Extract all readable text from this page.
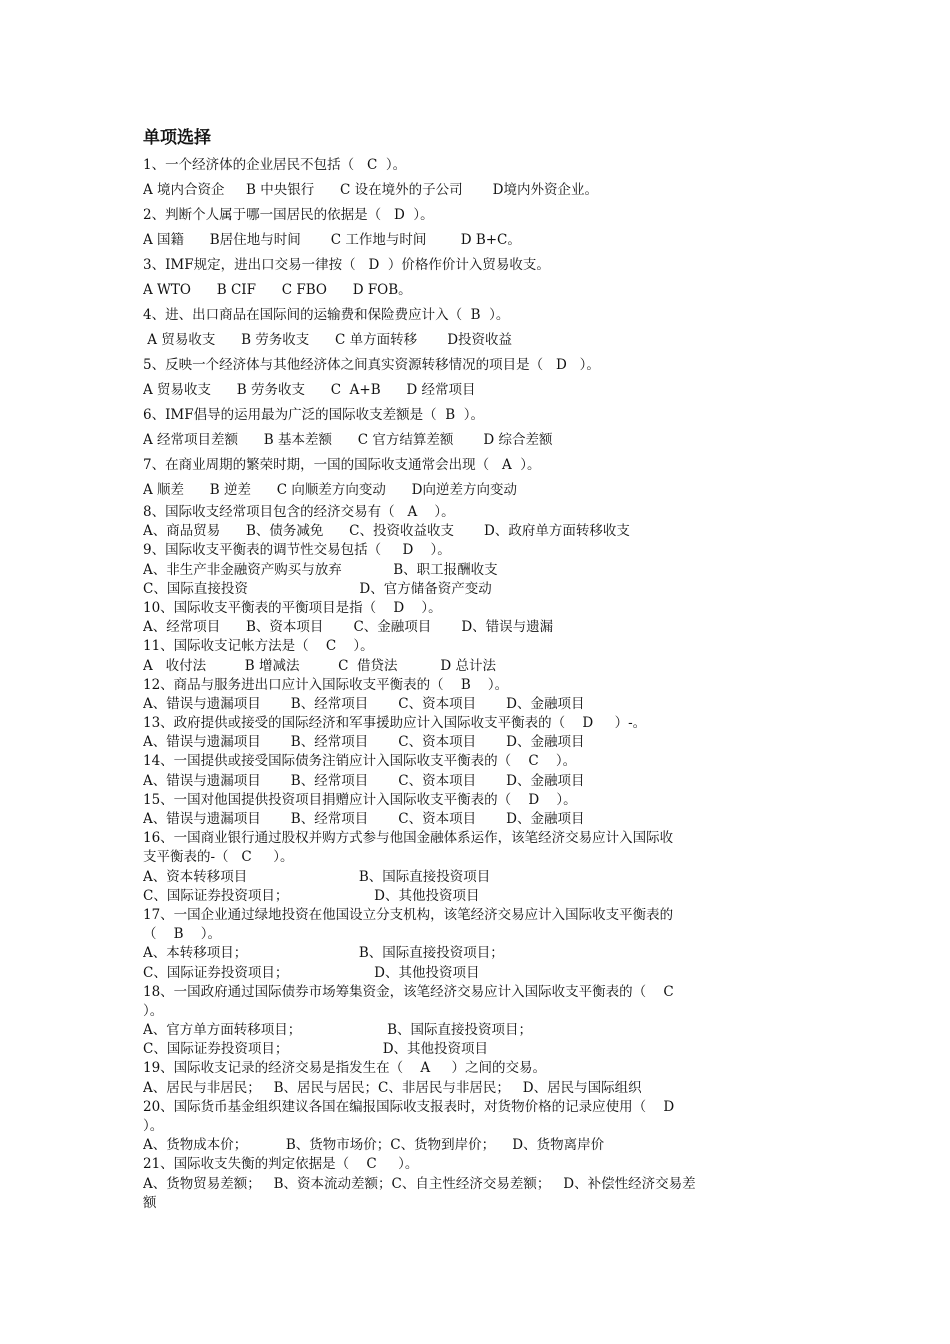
单项选择
1、一个经济体的企业居民不包括（   C  ）。
A 境内合资企     B 中央银行      C 设在境外的子公司       D境内外资企业。
2、判断个人属于哪一国居民的依据是（   D  ）。
A 国籍      B居住地与时间       C 工作地与时间        D B+C。
3、IMF规定，进出口交易一律按（   D  ）价格作价计入贸易收支。
A WTO      B CIF      C FBO      D FOB。
4、进、出口商品在国际间的运输费和保险费应计入（  B  ）。
A 贸易收支      B 劳务收支      C 单方面转移       D投资收益
5、反映一个经济体与其他经济体之间真实资源转移情况的项目是（   D   ）。
A 贸易收支      B 劳务收支      C  A+B      D 经常项目
6、IMF倡导的运用最为广泛的国际收支差额是（  B  ）。
A 经常项目差额      B 基本差额      C 官方结算差额       D 综合差额
7、在商业周期的繁荣时期，一国的国际收支通常会出现（   A  ）。
A 顺差      B 逆差      C 向顺差方向变动      D向逆差方向变动
8、国际收支经常项目包含的经济交易有（   A    ）。
A、商品贸易      B、债务减免      C、投资收益收支       D、政府单方面转移收支
9、国际收支平衡表的调节性交易包括（     D    ）。
A、非生产非金融资产购买与放弃            B、职工报酬收支
C、国际直接投资                          D、官方储备资产变动
10、国际收支平衡表的平衡项目是指（    D    ）。
A、经常项目      B、资本项目       C、金融项目       D、错误与遗漏
11、国际收支记帐方法是（    C    ）。
A   收付法         B 增减法         C  借贷法          D 总计法
12、商品与服务进出口应计入国际收支平衡表的（    B    ）。
A、错误与遗漏项目       B、经常项目       C、资本项目       D、金融项目
13、政府提供或接受的国际经济和军事援助应计入国际收支平衡表的（    D     ）-。
A、错误与遗漏项目       B、经常项目       C、资本项目       D、金融项目
14、一国提供或接受国际债务注销应计入国际收支平衡表的（    C    ）。
A、错误与遗漏项目       B、经常项目       C、资本项目       D、金融项目
15、一国对他国提供投资项目捐赠应计入国际收支平衡表的（    D    ）。
A、错误与遗漏项目       B、经常项目       C、资本项目       D、金融项目
16、一国商业银行通过股权并购方式参与他国金融体系运作，该笔经济交易应计入国际收
支平衡表的-（   C     ）。
A、资本转移项目                          B、国际直接投资项目
C、国际证券投资项目；                    D、其他投资项目
17、一国企业通过绿地投资在他国设立分支机构，该笔经济交易应计入国际收支平衡表的
（    B    ）。
A、本转移项目；                          B、国际直接投资项目；
C、国际证券投资项目；                    D、其他投资项目
18、一国政府通过国际债券市场筹集资金，该笔经济交易应计入国际收支平衡表的（    C
）。
A、官方单方面转移项目；                    B、国际直接投资项目；
C、国际证券投资项目；                      D、其他投资项目
19、国际收支记录的经济交易是指发生在（    A     ）之间的交易。
A、居民与非居民；   B、居民与居民；C、非居民与非居民；   D、居民与国际组织
20、国际货币基金组织建议各国在编报国际收支报表时，对货物价格的记录应使用（    D
）。
A、货物成本价；         B、货物市场价；C、货物到岸价；    D、货物离岸价
21、国际收支失衡的判定依据是（    C     ）。
A、货物贸易差额；   B、资本流动差额；C、自主性经济交易差额；   D、补偿性经济交易差
额
